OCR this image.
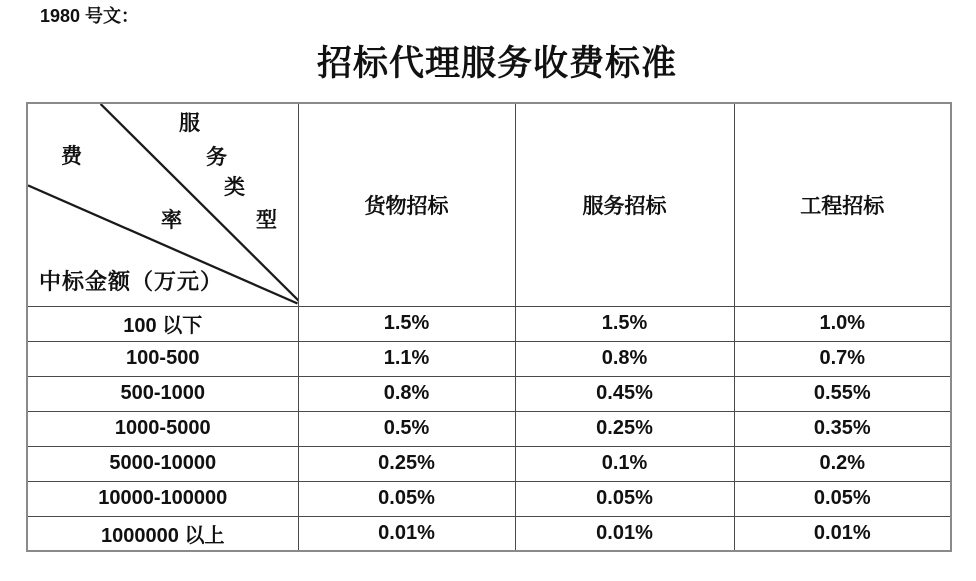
1980 号文：
招标代理服务收费标准
服
费	务
类
率	型
中标金额（万元）
	货物招标	服务招标	工程招标
100 以下	1.5%	1.5%	1.0%
100-500	1.1%	0.8%	0.7%
500-1000	0.8%	0.45%	0.55%
1000-5000	0.5%	0.25%	0.35%
5000-10000	0.25%	0.1%	0.2%
10000-100000	0.05%	0.05%	0.05%
1000000 以上	0.01%	0.01%	0.01%
